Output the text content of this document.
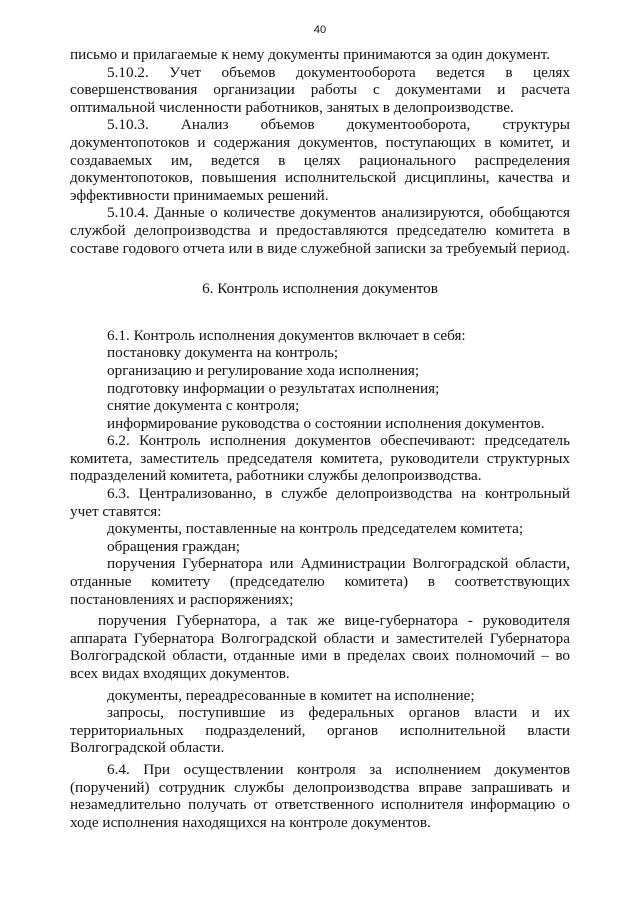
40

письмо и прилагаемые к нему документы принимаются за один документ.

5.10.2. Учет объемов документооборота ведется в целях совершенствования организации работы с документами и расчета оптимальной численности работников, занятых в делопроизводстве.

5.10.3. Анализ объемов документооборота, структуры документопотоков и содержания документов, поступающих в комитет, и создаваемых им, ведется в целях рационального распределения документопотоков, повышения исполнительской дисциплины, качества и эффективности принимаемых решений.

5.10.4. Данные о количестве документов анализируются, обобщаются службой делопроизводства и предоставляются председателю комитета в составе годового отчета или в виде служебной записки за требуемый период.

6. Контроль исполнения документов

6.1. Контроль исполнения документов включает в себя:

постановку документа на контроль;

организацию и регулирование хода исполнения;

подготовку информации о результатах исполнения;

снятие документа с контроля;

информирование руководства о состоянии исполнения документов.

6.2. Контроль исполнения документов обеспечивают: председатель комитета, заместитель председателя комитета, руководители структурных подразделений комитета, работники службы делопроизводства.

6.3. Централизованно, в службе делопроизводства на контрольный учет ставятся:

документы, поставленные на контроль председателем комитета;

обращения граждан;

поручения Губернатора или Администрации Волгоградской области, отданные комитету (председателю комитета) в соответствующих постановлениях и распоряжениях;

поручения Губернатора, а так же вице-губернатора - руководителя аппарата Губернатора Волгоградской области и заместителей Губернатора Волгоградской области, отданные ими в пределах своих полномочий – во всех видах входящих документов.

документы, переадресованные в комитет на исполнение;

запросы, поступившие из федеральных органов власти и их территориальных подразделений, органов исполнительной власти Волгоградской области.

6.4. При осуществлении контроля за исполнением документов (поручений) сотрудник службы делопроизводства вправе запрашивать и незамедлительно получать от ответственного исполнителя информацию о ходе исполнения находящихся на контроле документов.
